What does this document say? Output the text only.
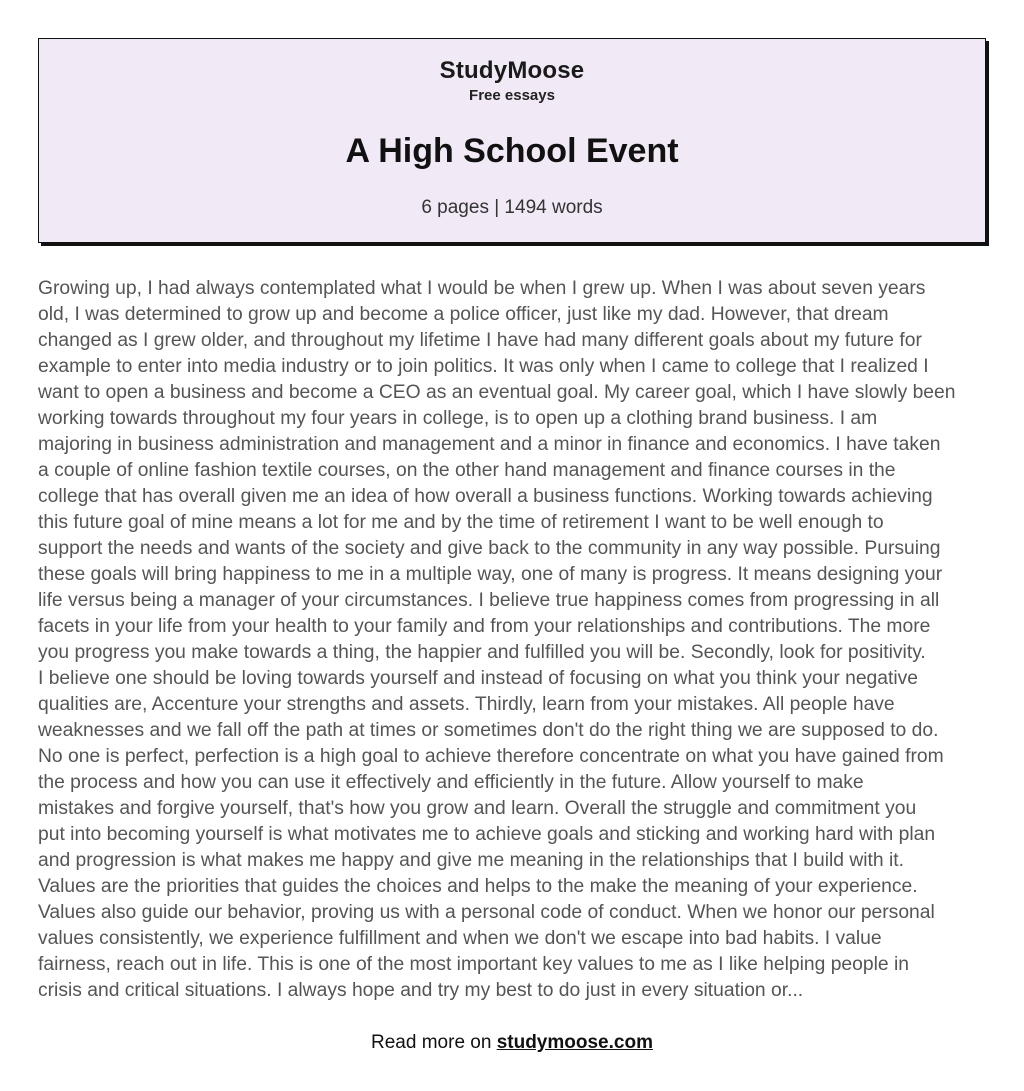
StudyMoose
Free essays
A High School Event
6 pages | 1494 words
Growing up, I had always contemplated what I would be when I grew up. When I was about seven years
old, I was determined to grow up and become a police officer, just like my dad. However, that dream
changed as I grew older, and throughout my lifetime I have had many different goals about my future for
example to enter into media industry or to join politics. It was only when I came to college that I realized I
want to open a business and become a CEO as an eventual goal. My career goal, which I have slowly been
working towards throughout my four years in college, is to open up a clothing brand business. I am
majoring in business administration and management and a minor in finance and economics. I have taken
a couple of online fashion textile courses, on the other hand management and finance courses in the
college that has overall given me an idea of how overall a business functions. Working towards achieving
this future goal of mine means a lot for me and by the time of retirement I want to be well enough to
support the needs and wants of the society and give back to the community in any way possible. Pursuing
these goals will bring happiness to me in a multiple way, one of many is progress. It means designing your
life versus being a manager of your circumstances. I believe true happiness comes from progressing in all
facets in your life from your health to your family and from your relationships and contributions. The more
you progress you make towards a thing, the happier and fulfilled you will be. Secondly, look for positivity.
I believe one should be loving towards yourself and instead of focusing on what you think your negative
qualities are, Accenture your strengths and assets. Thirdly, learn from your mistakes. All people have
weaknesses and we fall off the path at times or sometimes don't do the right thing we are supposed to do.
No one is perfect, perfection is a high goal to achieve therefore concentrate on what you have gained from
the process and how you can use it effectively and efficiently in the future. Allow yourself to make
mistakes and forgive yourself, that's how you grow and learn. Overall the struggle and commitment you
put into becoming yourself is what motivates me to achieve goals and sticking and working hard with plan
and progression is what makes me happy and give me meaning in the relationships that I build with it.
Values are the priorities that guides the choices and helps to the make the meaning of your experience.
Values also guide our behavior, proving us with a personal code of conduct. When we honor our personal
values consistently, we experience fulfillment and when we don't we escape into bad habits. I value
fairness, reach out in life. This is one of the most important key values to me as I like helping people in
crisis and critical situations. I always hope and try my best to do just in every situation or...
Read more on studymoose.com
